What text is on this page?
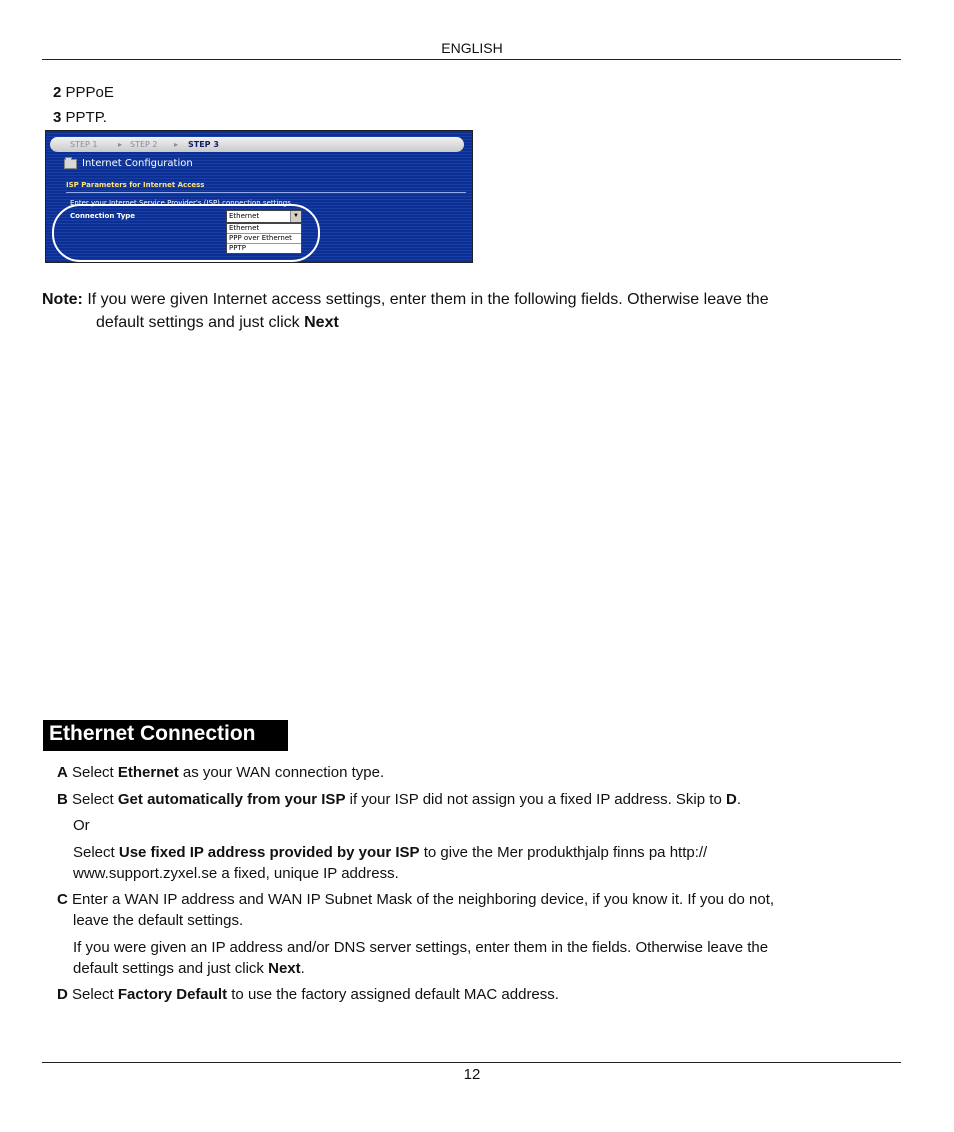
ENGLISH
2 PPPoE
3 PPTP.
STEP 1	▸ STEP 2 ▸ STEP 3
Internet Configuration
ISP Parameters for Internet Access
Enter your Internet Service Provider's (ISP) connection settings
Connection Type	Ethernet	▼
Ethernet
PPP over Ethernet
PPTP
Note: If you were given Internet access settings, enter them in the following fields. Otherwise leave the
default settings and just click Next
Ethernet Connection
A Select Ethernet as your WAN connection type.
B Select Get automatically from your ISP if your ISP did not assign you a fixed IP address. Skip to D.
Or
Select Use fixed IP address provided by your ISP to give the Mer produkthjalp finns pa http://
www.support.zyxel.se a fixed, unique IP address.
C Enter a WAN IP address and WAN IP Subnet Mask of the neighboring device, if you know it. If you do not,
leave the default settings.
If you were given an IP address and/or DNS server settings, enter them in the fields. Otherwise leave the
default settings and just click Next.
D Select Factory Default to use the factory assigned default MAC address.
12
